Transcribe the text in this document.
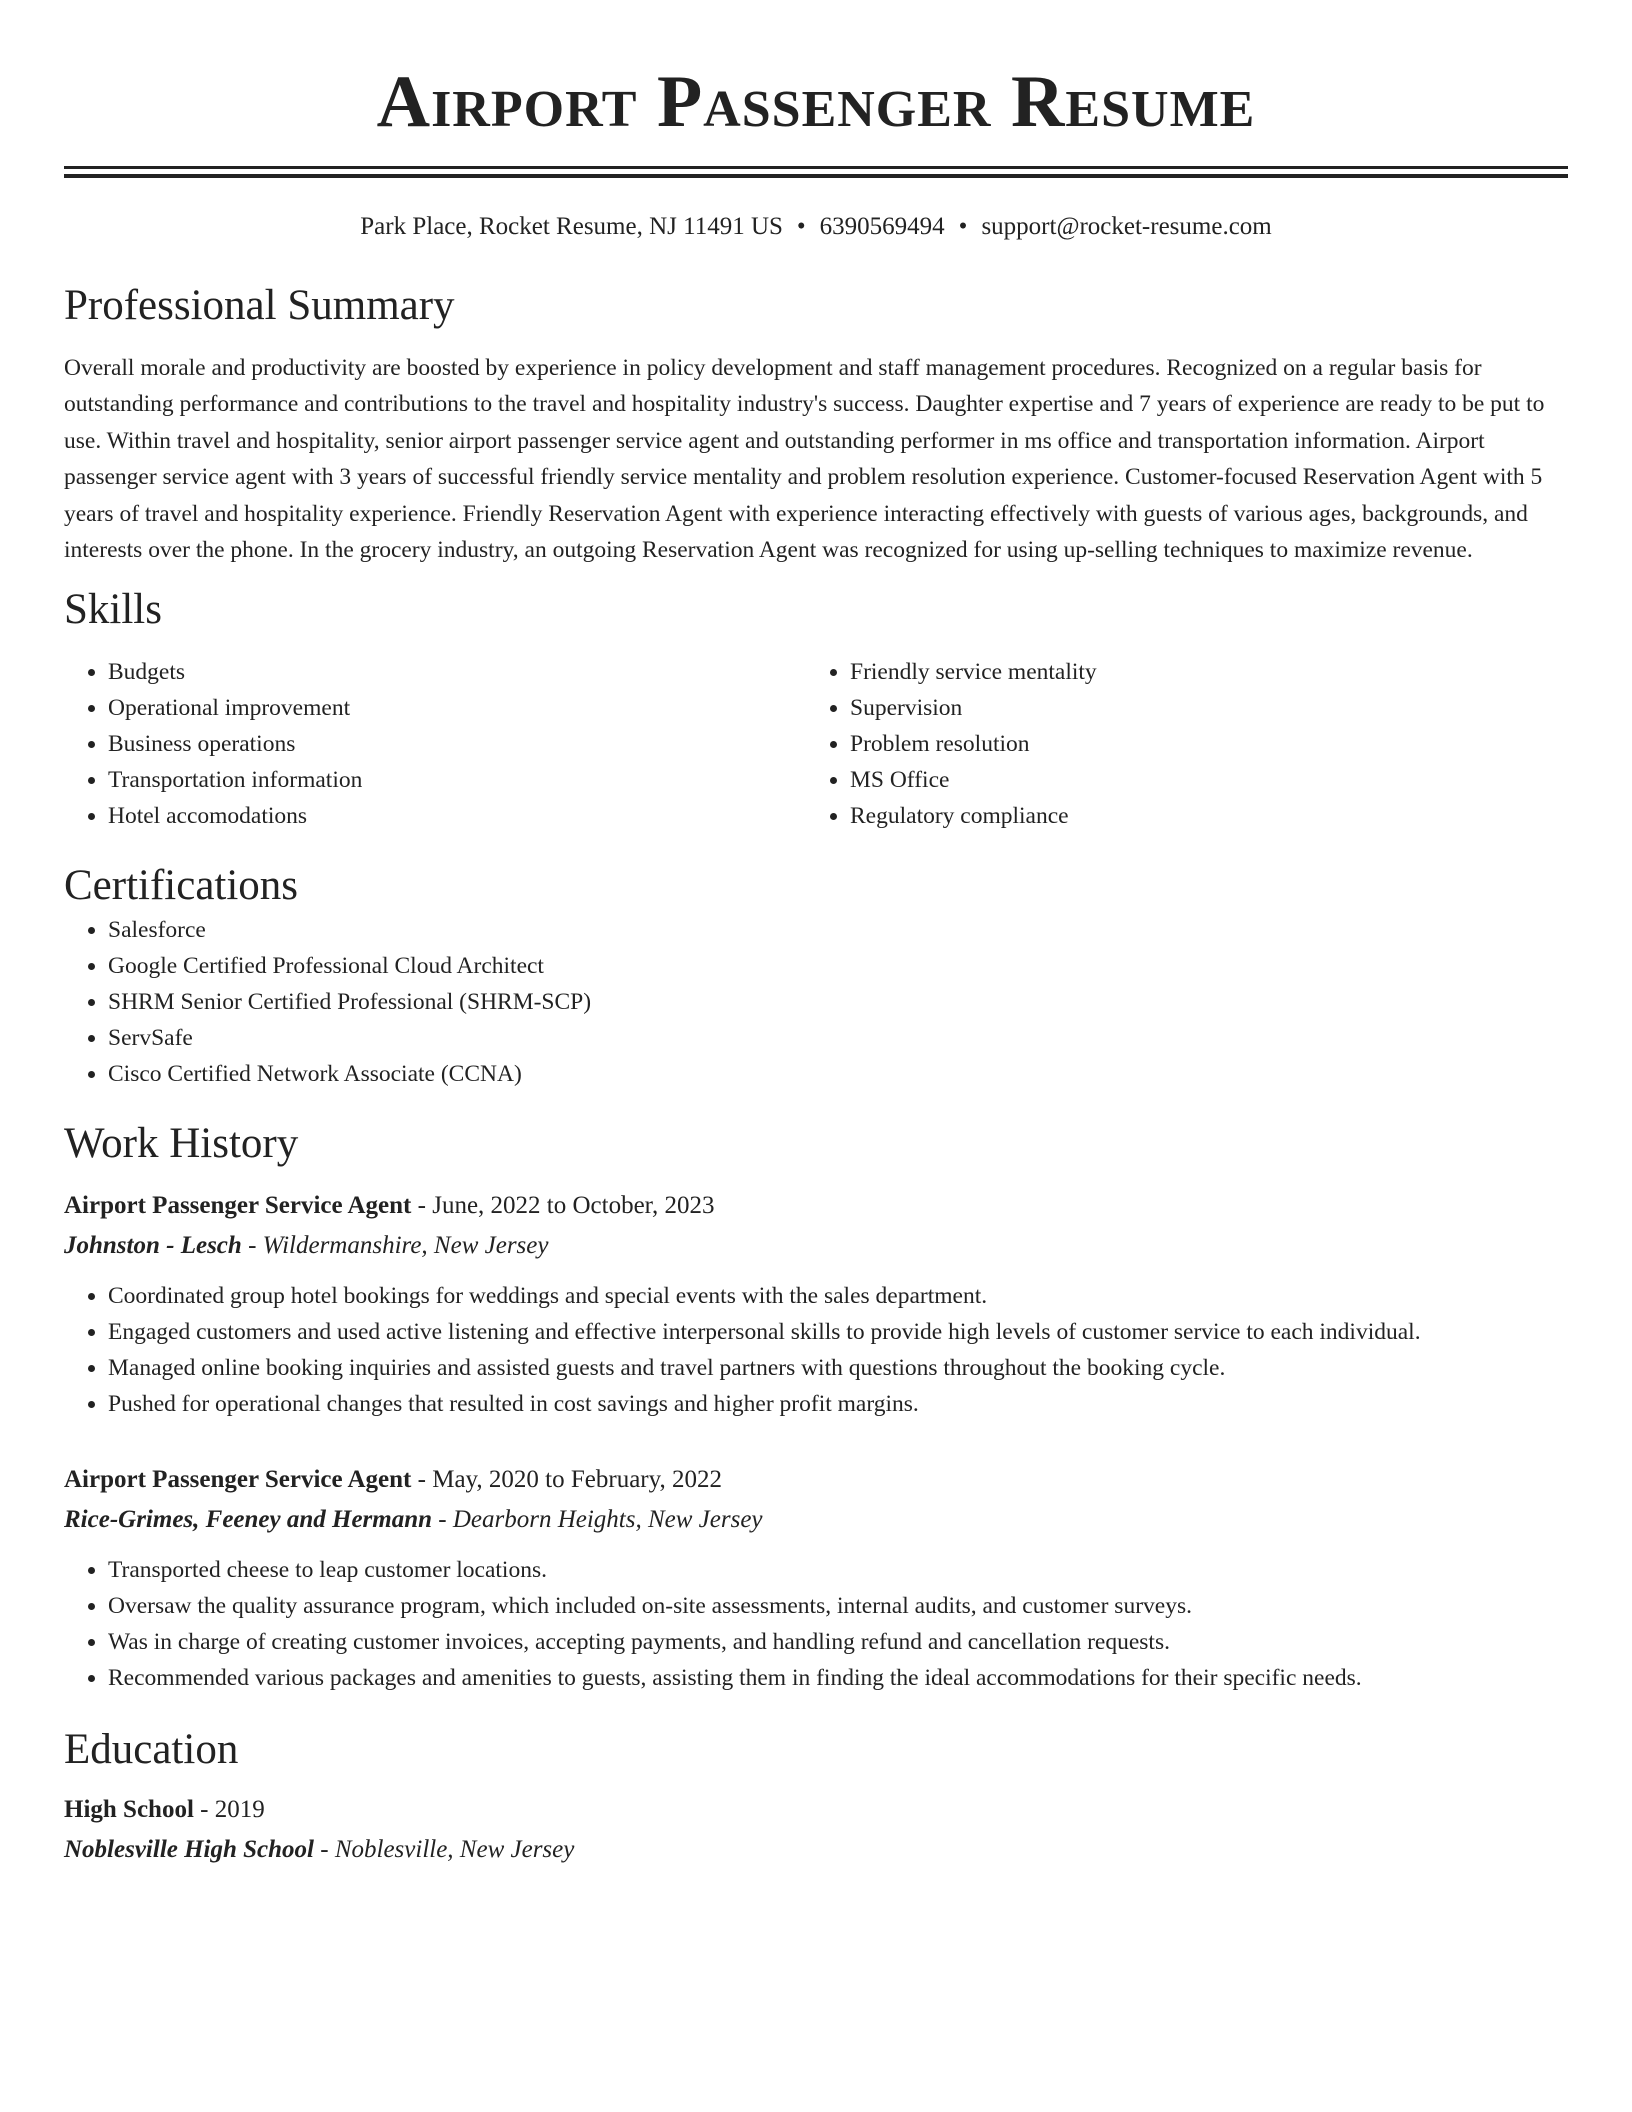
Airport Passenger Resume
Park Place, Rocket Resume, NJ 11491 US • 6390569494 • support@rocket-resume.com
Professional Summary

Overall morale and productivity are boosted by experience in policy development and staff management procedures. Recognized on a regular basis for outstanding performance and contributions to the travel and hospitality industry's success. Daughter expertise and 7 years of experience are ready to be put to use. Within travel and hospitality, senior airport passenger service agent and outstanding performer in ms office and transportation information. Airport passenger service agent with 3 years of successful friendly service mentality and problem resolution experience. Customer-focused Reservation Agent with 5 years of travel and hospitality experience. Friendly Reservation Agent with experience interacting effectively with guests of various ages, backgrounds, and interests over the phone. In the grocery industry, an outgoing Reservation Agent was recognized for using up-selling techniques to maximize revenue.

Skills
• Budgets
• Operational improvement
• Business operations
• Transportation information
• Hotel accomodations
• Friendly service mentality
• Supervision
• Problem resolution
• MS Office
• Regulatory compliance
Certifications
• Salesforce
• Google Certified Professional Cloud Architect
• SHRM Senior Certified Professional (SHRM-SCP)
• ServSafe
• Cisco Certified Network Associate (CCNA)
Work History
Airport Passenger Service Agent - June, 2022 to October, 2023
Johnston - Lesch - Wildermanshire, New Jersey
• Coordinated group hotel bookings for weddings and special events with the sales department.
• Engaged customers and used active listening and effective interpersonal skills to provide high levels of customer service to each individual.
• Managed online booking inquiries and assisted guests and travel partners with questions throughout the booking cycle.
• Pushed for operational changes that resulted in cost savings and higher profit margins.
Airport Passenger Service Agent - May, 2020 to February, 2022
Rice-Grimes, Feeney and Hermann - Dearborn Heights, New Jersey
• Transported cheese to leap customer locations.
• Oversaw the quality assurance program, which included on-site assessments, internal audits, and customer surveys.
• Was in charge of creating customer invoices, accepting payments, and handling refund and cancellation requests.
• Recommended various packages and amenities to guests, assisting them in finding the ideal accommodations for their specific needs.
Education
High School - 2019
Noblesville High School - Noblesville, New Jersey
